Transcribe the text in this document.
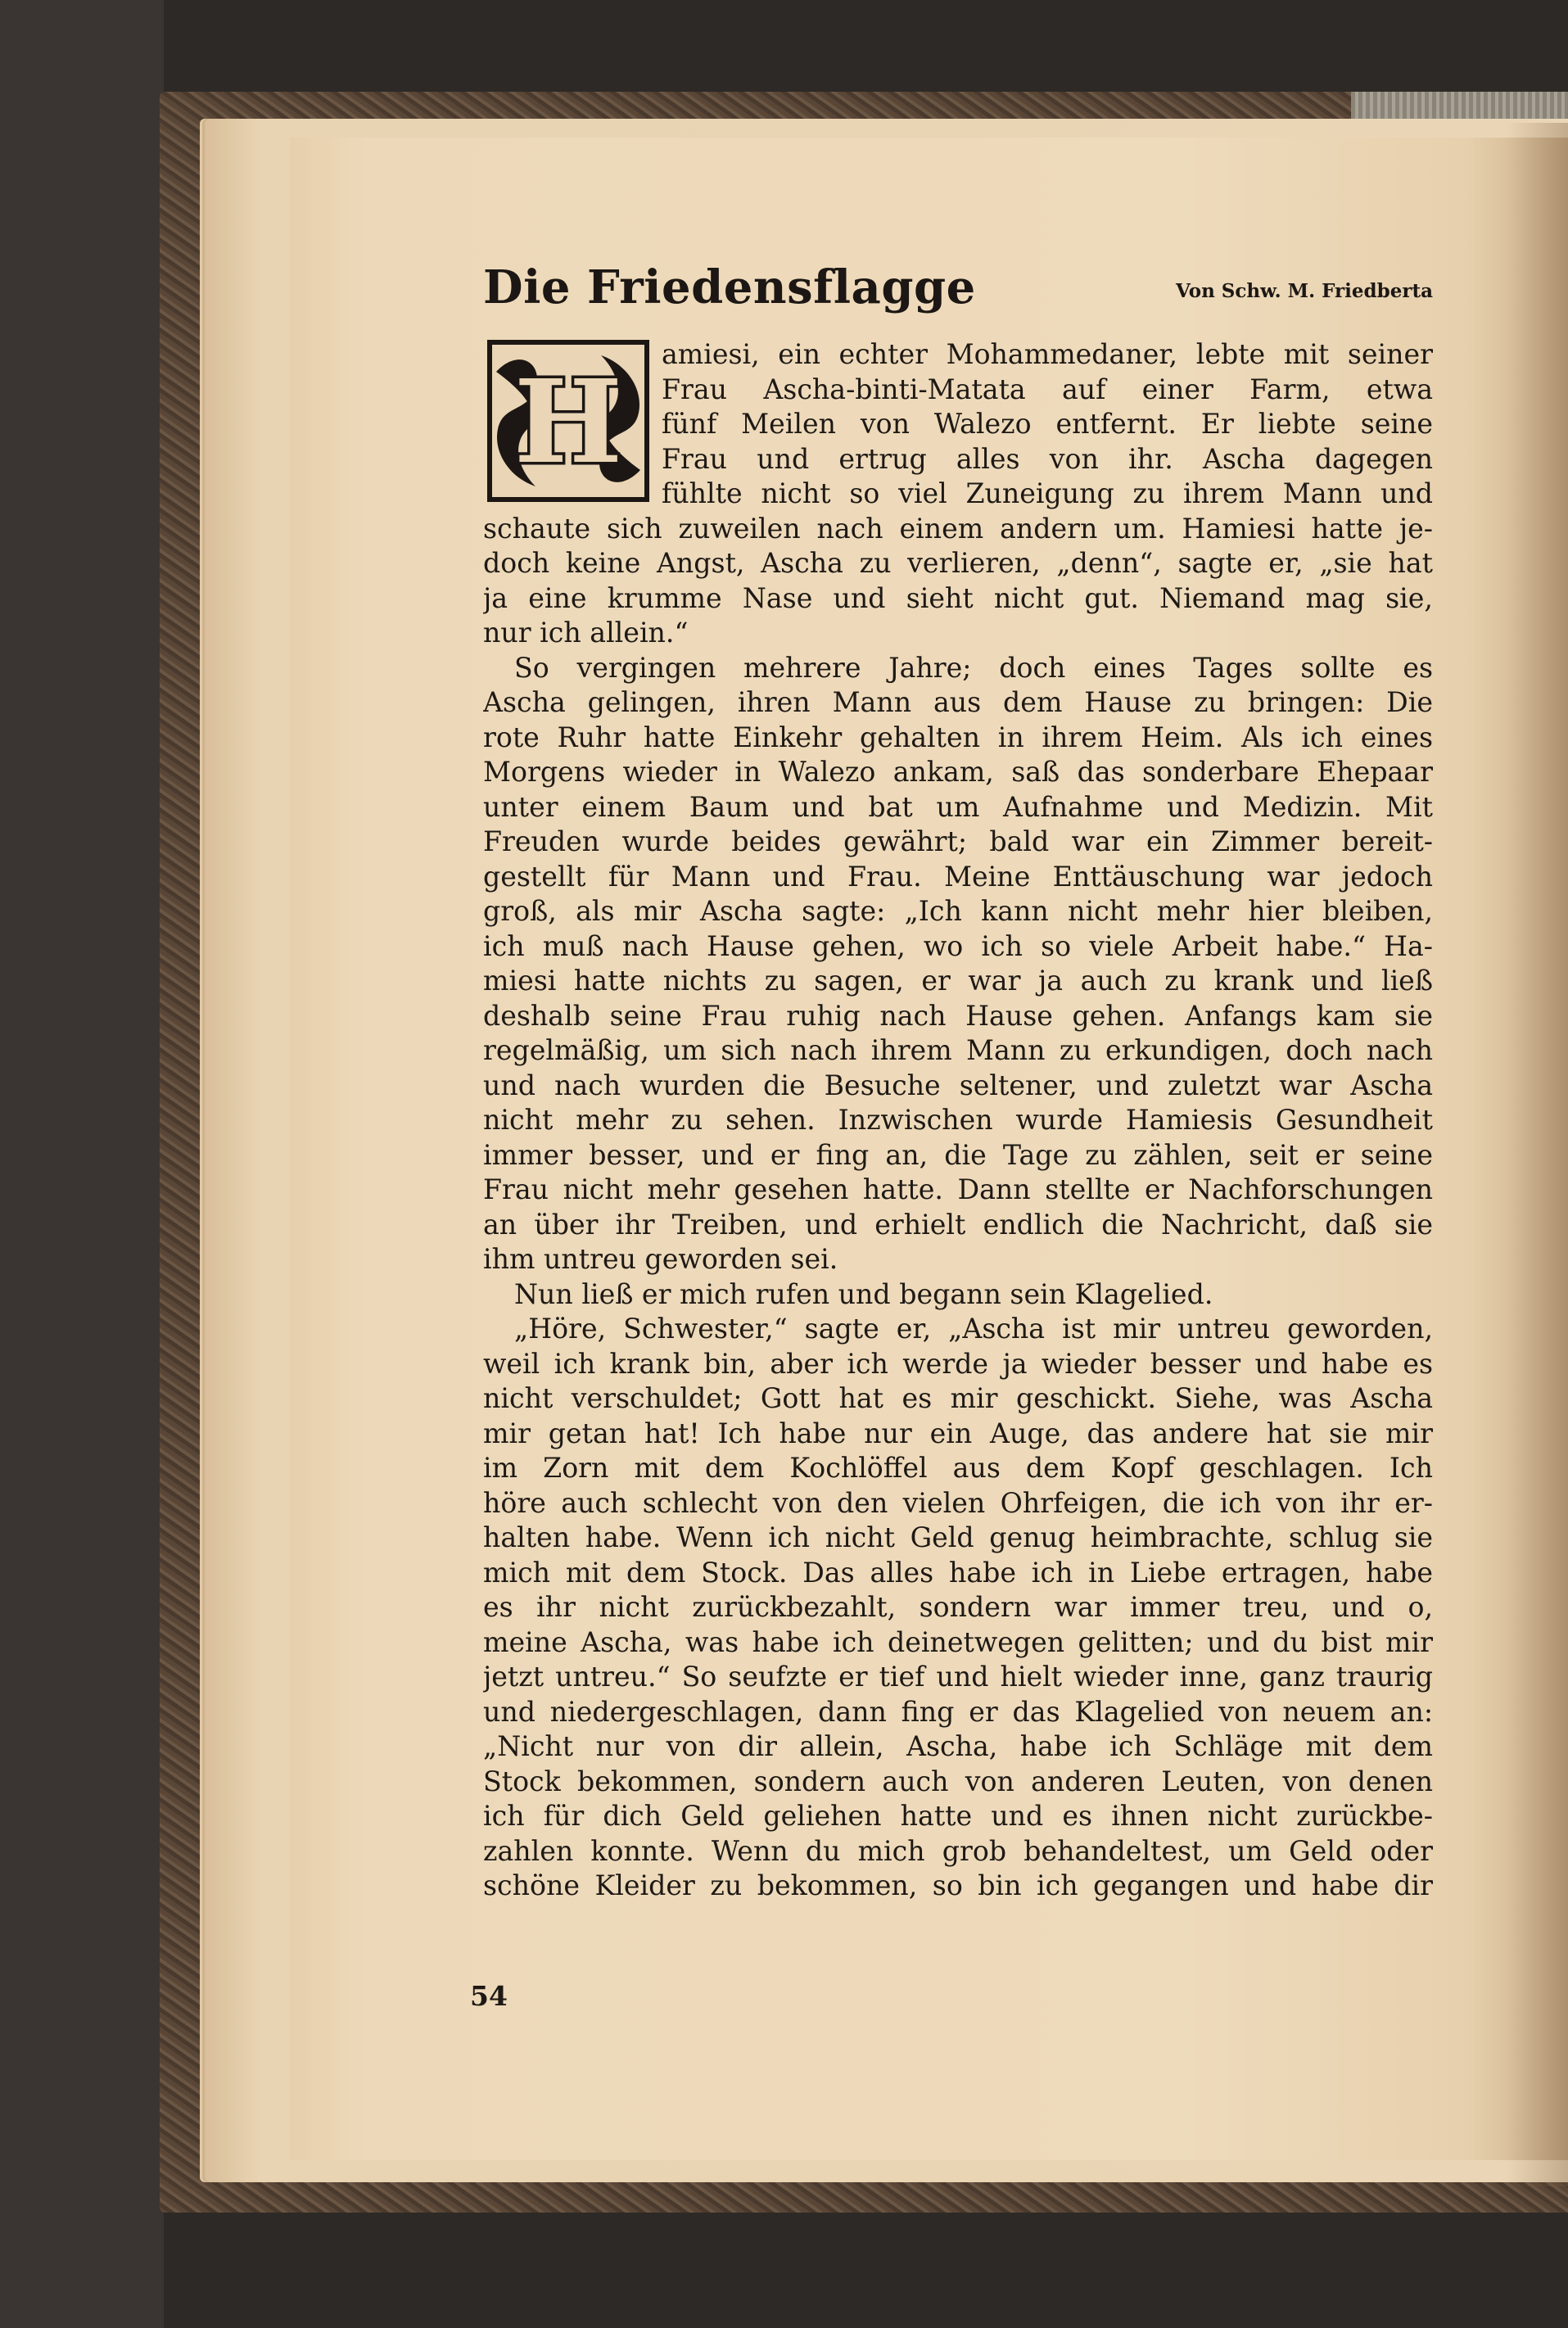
Die Friedensflagge	Von Schw. M. Friedberta
H
amiesi, ein echter Mohammedaner, lebte mit seiner
Frau Ascha-binti-Matata auf einer Farm, etwa
fünf Meilen von Walezo entfernt. Er liebte seine
Frau und ertrug alles von ihr. Ascha dagegen
fühlte nicht so viel Zuneigung zu ihrem Mann und
schaute sich zuweilen nach einem andern um. Hamiesi hatte je-
doch keine Angst, Ascha zu verlieren, „denn“, sagte er, „sie hat
ja eine krumme Nase und sieht nicht gut. Niemand mag sie,
nur ich allein.“
So vergingen mehrere Jahre; doch eines Tages sollte es
Ascha gelingen, ihren Mann aus dem Hause zu bringen: Die
rote Ruhr hatte Einkehr gehalten in ihrem Heim. Als ich eines
Morgens wieder in Walezo ankam, saß das sonderbare Ehepaar
unter einem Baum und bat um Aufnahme und Medizin. Mit
Freuden wurde beides gewährt; bald war ein Zimmer bereit-
gestellt für Mann und Frau. Meine Enttäuschung war jedoch
groß, als mir Ascha sagte: „Ich kann nicht mehr hier bleiben,
ich muß nach Hause gehen, wo ich so viele Arbeit habe.“ Ha-
miesi hatte nichts zu sagen, er war ja auch zu krank und ließ
deshalb seine Frau ruhig nach Hause gehen. Anfangs kam sie
regelmäßig, um sich nach ihrem Mann zu erkundigen, doch nach
und nach wurden die Besuche seltener, und zuletzt war Ascha
nicht mehr zu sehen. Inzwischen wurde Hamiesis Gesundheit
immer besser, und er fing an, die Tage zu zählen, seit er seine
Frau nicht mehr gesehen hatte. Dann stellte er Nachforschungen
an über ihr Treiben, und erhielt endlich die Nachricht, daß sie
ihm untreu geworden sei.
Nun ließ er mich rufen und begann sein Klagelied.
„Höre, Schwester,“ sagte er, „Ascha ist mir untreu geworden,
weil ich krank bin, aber ich werde ja wieder besser und habe es
nicht verschuldet; Gott hat es mir geschickt. Siehe, was Ascha
mir getan hat! Ich habe nur ein Auge, das andere hat sie mir
im Zorn mit dem Kochlöffel aus dem Kopf geschlagen. Ich
höre auch schlecht von den vielen Ohrfeigen, die ich von ihr er-
halten habe. Wenn ich nicht Geld genug heimbrachte, schlug sie
mich mit dem Stock. Das alles habe ich in Liebe ertragen, habe
es ihr nicht zurückbezahlt, sondern war immer treu, und o,
meine Ascha, was habe ich deinetwegen gelitten; und du bist mir
jetzt untreu.“ So seufzte er tief und hielt wieder inne, ganz traurig
und niedergeschlagen, dann fing er das Klagelied von neuem an:
„Nicht nur von dir allein, Ascha, habe ich Schläge mit dem
Stock bekommen, sondern auch von anderen Leuten, von denen
ich für dich Geld geliehen hatte und es ihnen nicht zurückbe-
zahlen konnte. Wenn du mich grob behandeltest, um Geld oder
schöne Kleider zu bekommen, so bin ich gegangen und habe dir
54
